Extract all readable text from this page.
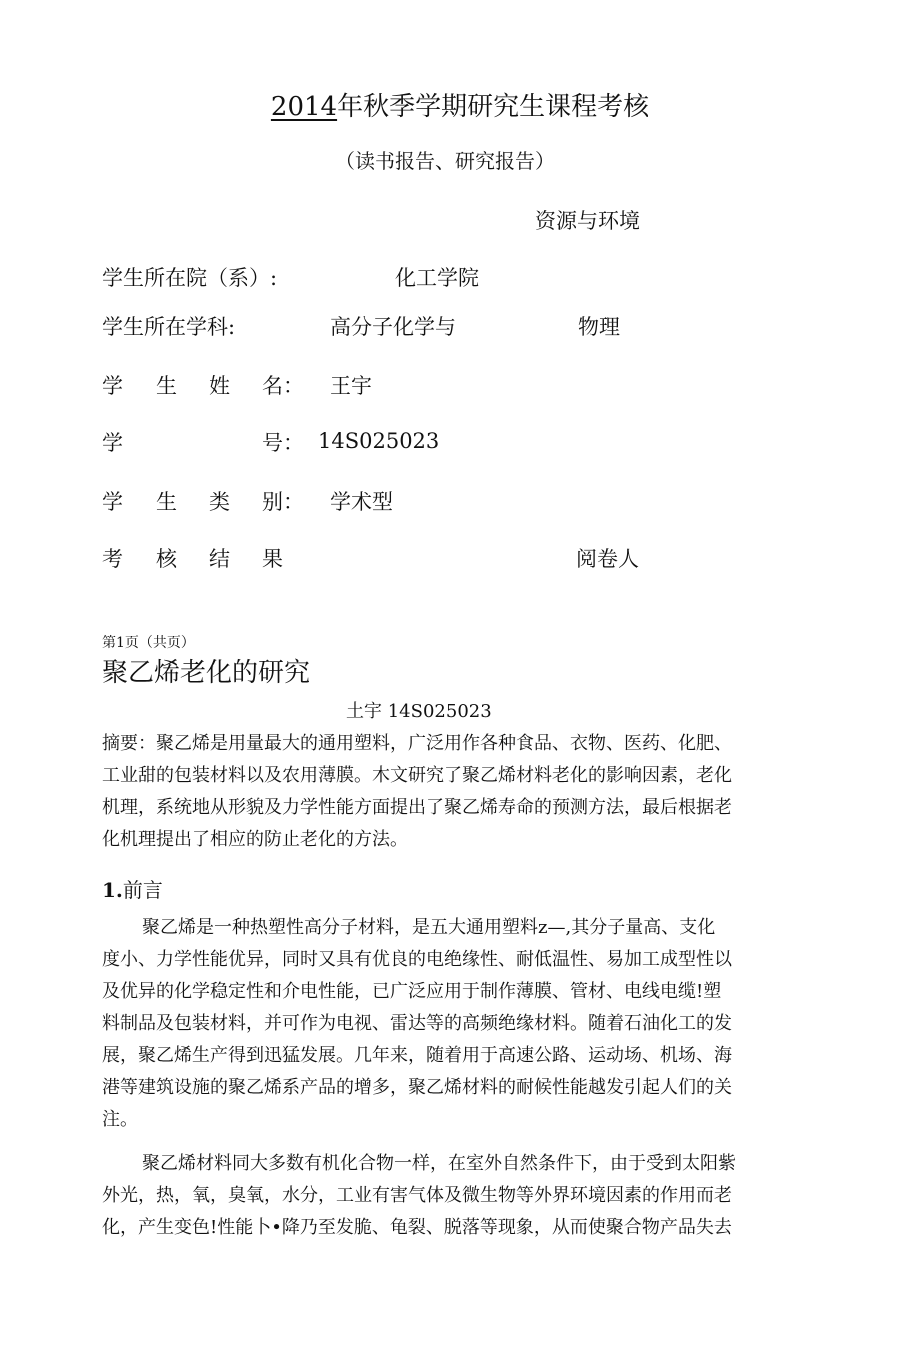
2014年秋季学期研究生课程考核
（读书报告、研究报告）
资源与环境
学生所在院（系）:	化工学院
学生所在学科:	高分子化学与	物理
学 生 姓 名： 王宇
学	号： 14S025023
学 生 类 别： 学术型
考 核 结 果	阅卷人
第1页（共页）
聚乙烯老化的研究
土宇 14S025023
摘要：聚乙烯是用量最大的通用塑料，广泛用作各种食品、衣物、医药、化肥、
工业甜的包装材料以及农用薄膜。木文研究了聚乙烯材料老化的影响因素，老化
机理，系统地从形貌及力学性能方面提出了聚乙烯寿命的预测方法，最后根据老
化机理提出了相应的防止老化的方法。
1.前言
聚乙烯是一种热塑性高分子材料，是五大通用塑料z—,其分子量高、支化
度小、力学性能优异，同时又具有优良的电绝缘性、耐低温性、易加工成型性以
及优异的化学稳定性和介电性能，已广泛应用于制作薄膜、管材、电线电缆!塑
料制品及包装材料，并可作为电视、雷达等的高频绝缘材料。随着石油化工的发
展，聚乙烯生产得到迅猛发展。几年来，随着用于高速公路、运动场、机场、海
港等建筑设施的聚乙烯系产品的增多，聚乙烯材料的耐候性能越发引起人们的关
注。
聚乙烯材料同大多数有机化合物一样，在室外自然条件下，由于受到太阳紫
外光，热，氧，臭氧，水分，工业有害气体及微生物等外界环境因素的作用而老
化，产生变色!性能卜•降乃至发脆、龟裂、脱落等现象，从而使聚合物产品失去
